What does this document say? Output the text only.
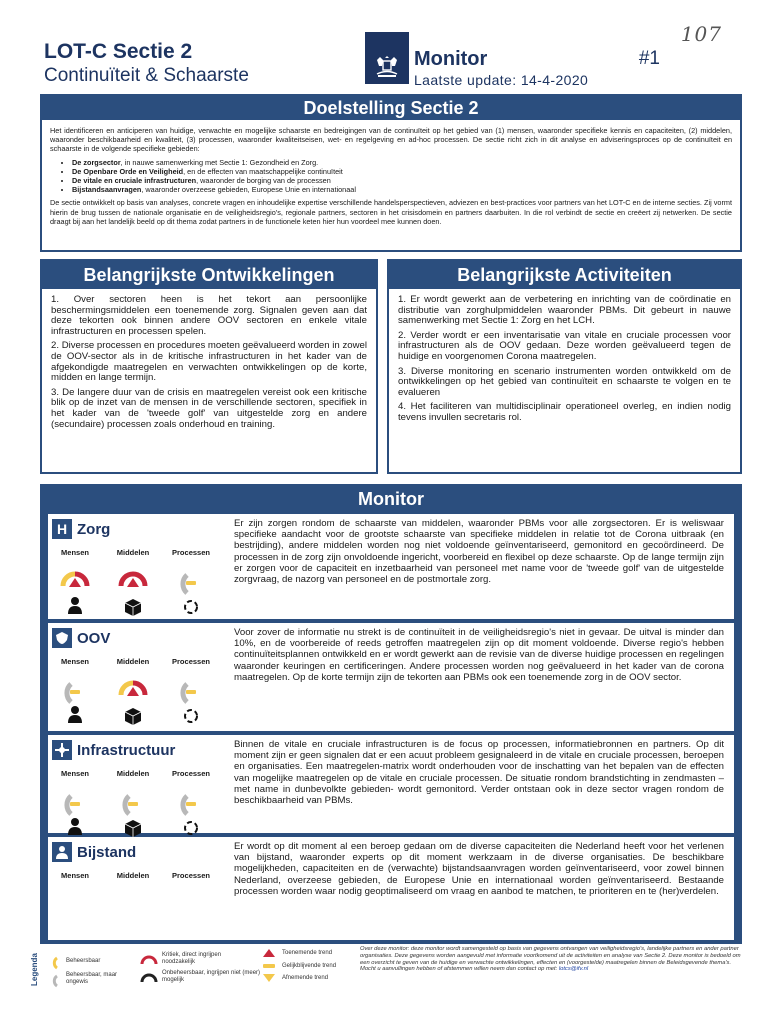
107
LOT-C Sectie 2
Continuïteit & Schaarste
Monitor
Laatste update: 14-4-2020
#1
Doelstelling Sectie 2

Het identificeren en anticiperen van huidige, verwachte en mogelijke schaarste en bedreigingen van de continuïteit op het gebied van (1) mensen, waaronder specifieke kennis en capaciteiten, (2) middelen, waaronder beschikbaarheid en kwaliteit, (3) processen, waaronder kwaliteitseisen, wet- en regelgeving en ad-hoc processen. De sectie richt zich in dit analyse en adviseringsproces op de continuïteit en schaarste in de volgende specifieke gebieden:

• De zorgsector, in nauwe samenwerking met Sectie 1: Gezondheid en Zorg.
• De Openbare Orde en Veiligheid, en de effecten van maatschappelijke continuïteit
• De vitale en cruciale infrastructuren, waaronder de borging van de processen
• Bijstandsaanvragen, waaronder overzeese gebieden, Europese Unie en internationaal

De sectie ontwikkelt op basis van analyses, concrete vragen en inhoudelijke expertise verschillende handelsperspectieven, adviezen en best-practices voor partners van het LOT-C en de interne secties. Zij vormt hierin de brug tussen de nationale organisatie en de veiligheidsregio's, regionale partners, sectoren in het crisisdomein en partners daarbuiten. In die rol verbindt de sectie en creëert zij netwerken. De sectie draagt bij aan het landelijk beeld op dit thema zodat partners in de functionele keten hier hun voordeel mee kunnen doen.

Belangrijkste Ontwikkelingen

1. Over sectoren heen is het tekort aan persoonlijke beschermingsmiddelen een toenemende zorg. Signalen geven aan dat deze tekorten ook binnen andere OOV sectoren en enkele vitale infrastructuren en processen spelen.

2. Diverse processen en procedures moeten geëvalueerd worden in zowel de OOV-sector als in de kritische infrastructuren in het kader van de afgekondigde maatregelen en verwachten ontwikkelingen op de korte, midden en lange termijn.

3. De langere duur van de crisis en maatregelen vereist ook een kritische blik op de inzet van de mensen in de verschillende sectoren, specifiek in het kader van de 'tweede golf' van uitgestelde zorg en andere (secundaire) processen zoals onderhoud en training.

Belangrijkste Activiteiten

1. Er wordt gewerkt aan de verbetering en inrichting van de coördinatie en distributie van zorghulpmiddelen waaronder PBMs. Dit gebeurt in nauwe samenwerking met Sectie 1: Zorg en het LCH.

2. Verder wordt er een inventarisatie van vitale en cruciale processen voor infrastructuren als de OOV gedaan. Deze worden geëvalueerd tegen de huidige en voorgenomen Corona maatregelen.

3. Diverse monitoring en scenario instrumenten worden ontwikkeld om de ontwikkelingen op het gebied van continuïteit en schaarste te volgen en te evalueren

4. Het faciliteren van multidisciplinair operationeel overleg, en indien nodig tevens invullen secretaris rol.

Monitor
H Zorg
Mensen	Middelen	Processen
Er zijn zorgen rondom de schaarste van middelen, waaronder PBMs voor alle zorgsectoren. Er is weliswaar specifieke aandacht voor de grootste schaarste van specifieke middelen in relatie tot de Corona uitbraak (en bestrijding), andere middelen worden nog niet voldoende geïnventariseerd, gemonitord en gecoördineerd. De processen in de zorg zijn onvoldoende ingericht, voorbereid en flexibel op deze schaarste. Op de lange termijn zijn er zorgen voor de capaciteit en inzetbaarheid van personeel met name voor de 'tweede golf' van de uitgestelde zorgvraag, de nazorg van personeel en de postmortale zorg.
OOV
Mensen	Middelen	Processen
Voor zover de informatie nu strekt is de continuïteit in de veiligheidsregio's niet in gevaar. De uitval is minder dan 10%, en de voorbereide of reeds getroffen maatregelen zijn op dit moment voldoende. Diverse regio's hebben continuïteitsplannen ontwikkeld en er wordt gewerkt aan de revisie van de diverse huidige processen en regelingen waaronder keuringen en certificeringen. Andere processen worden nog geëvalueerd in het kader van de corona maatregelen. Op de korte termijn zijn de tekorten aan PBMs ook een toenemende zorg in de OOV sector.
Infrastructuur
Mensen	Middelen	Processen
Binnen de vitale en cruciale infrastructuren is de focus op processen, informatiebronnen en partners. Op dit moment zijn er geen signalen dat er een acuut probleem gesignaleerd in de vitale en cruciale processen, beroepen en organisaties. Een maatregelen-matrix wordt onderhouden voor de inschatting van het bepalen van de effecten van mogelijke maatregelen op de vitale en cruciale processen. De situatie rondom brandstichting in zendmasten –met name in dunbevolkte gebieden- wordt gemonitord. Verder ontstaan ook in deze sector vragen rondom de beschikbaarheid van PBMs.
Bijstand
Mensen	Middelen	Processen
Er wordt op dit moment al een beroep gedaan om de diverse capaciteiten die Nederland heeft voor het verlenen van bijstand, waaronder experts op dit moment werkzaam in de diverse organisaties. De beschikbare mogelijkheden, capaciteiten en de (verwachte) bijstandsaanvragen worden geïnventariseerd, voor zowel binnen Nederland, overzeese gebieden, de Europese Unie en internationaal worden geïnventariseerd. Bestaande processen worden waar nodig geoptimaliseerd om vraag en aanbod te matchen, te prioriteren en te (her)verdelen.
Legenda	Beheersbaar
Beheersbaar, maar ongewis
Kritiek, direct ingrijpen noodzakelijk
Onbeheersbaar, ingrijpen niet (meer) mogelijk
Toenemende trend
Gelijkblijvende trend
Afnemende trend
Over deze monitor: deze monitor wordt samengesteld op basis van gegevens ontvangen van veiligheidsregio's, landelijke partners en ander partner organisaties. Deze gegevens worden aangevuld met informatie voortkomend uit de activiteiten en analyse van Sectie 2. Deze monitor is bedoeld om een overzicht te geven van de huidige en verwachte ontwikkelingen, effecten en (voorgestelde) maatregelen binnen de Beleidsgevende thema's. Mocht u aanvullingen hebben of afstemmen willen neem dan contact op met: lotcs@ifv.nl
